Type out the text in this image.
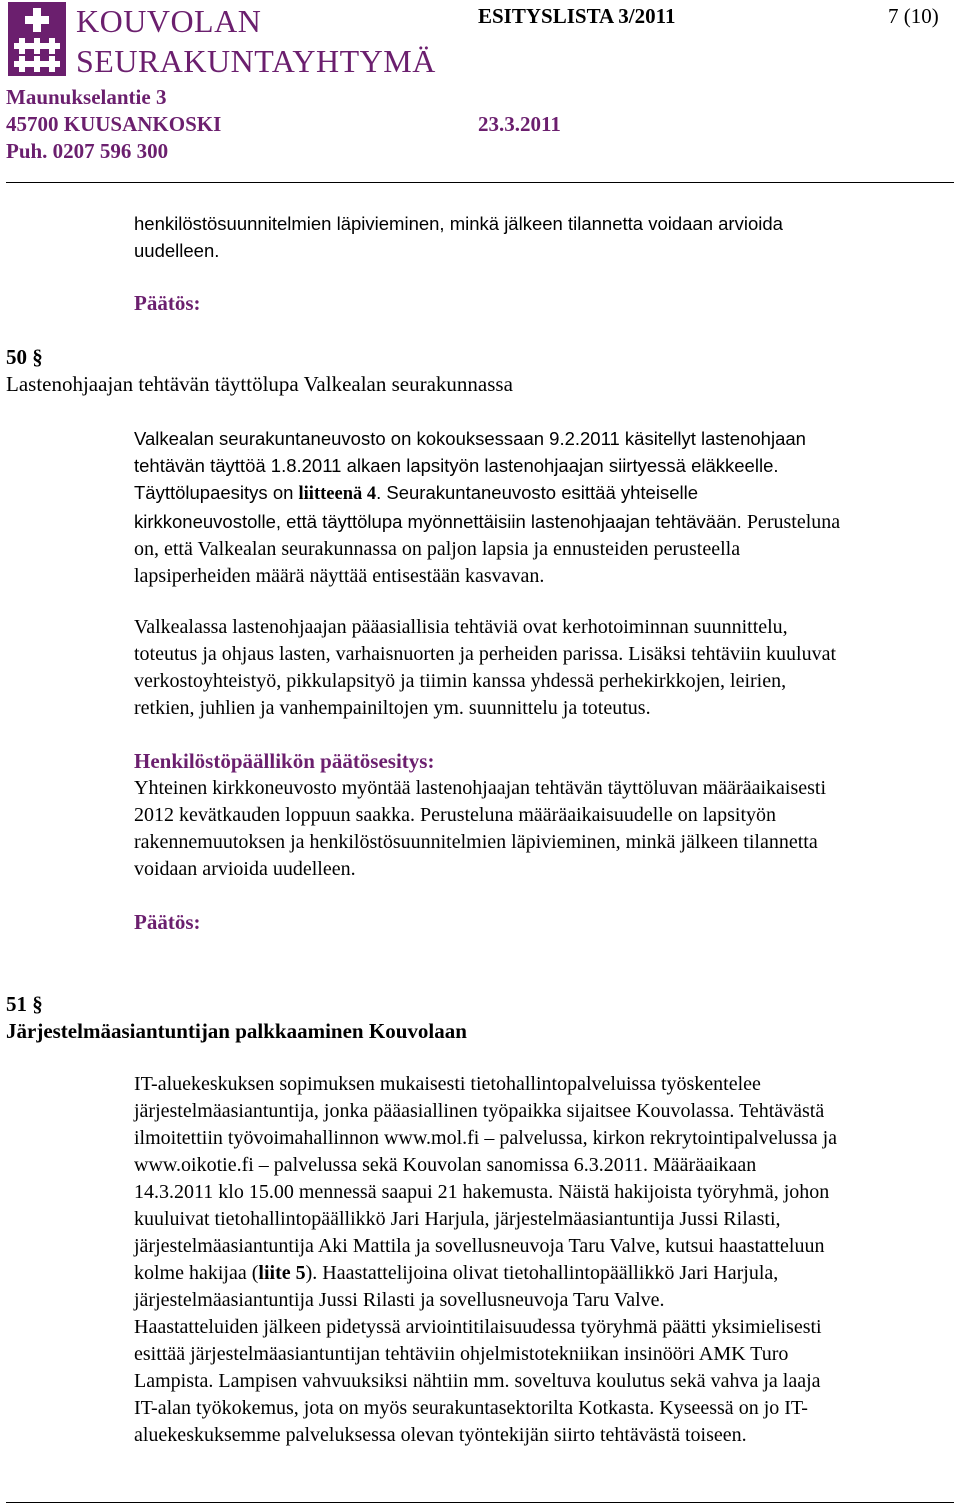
KOUVOLAN
SEURAKUNTAYHTYMÄ
ESITYSLISTA 3/2011	7 (10)
Maunukselantie 3
45700 KUUSANKOSKI	23.3.2011
Puh. 0207 596 300
henkilöstösuunnitelmien läpivieminen, minkä jälkeen tilannetta voidaan arvioida
uudelleen.
Päätös:
50 §
Lastenohjaajan tehtävän täyttölupa Valkealan seurakunnassa
Valkealan seurakuntaneuvosto on kokouksessaan 9.2.2011 käsitellyt lastenohjaan
tehtävän täyttöä 1.8.2011 alkaen lapsityön lastenohjaajan siirtyessä eläkkeelle.
Täyttölupaesitys on liitteenä 4. Seurakuntaneuvosto esittää yhteiselle
kirkkoneuvostolle, että täyttölupa myönnettäisiin lastenohjaajan tehtävään. Perusteluna
on, että Valkealan seurakunnassa on paljon lapsia ja ennusteiden perusteella
lapsiperheiden määrä näyttää entisestään kasvavan.
Valkealassa lastenohjaajan pääasiallisia tehtäviä ovat kerhotoiminnan suunnittelu,
toteutus ja ohjaus lasten, varhaisnuorten ja perheiden parissa. Lisäksi tehtäviin kuuluvat
verkostoyhteistyö, pikkulapsityö ja tiimin kanssa yhdessä perhekirkkojen, leirien,
retkien, juhlien ja vanhempainiltojen ym. suunnittelu ja toteutus.
Henkilöstöpäällikön päätösesitys:
Yhteinen kirkkoneuvosto myöntää lastenohjaajan tehtävän täyttöluvan määräaikaisesti
2012 kevätkauden loppuun saakka. Perusteluna määräaikaisuudelle on lapsityön
rakennemuutoksen ja henkilöstösuunnitelmien läpivieminen, minkä jälkeen tilannetta
voidaan arvioida uudelleen.
Päätös:
51 §
Järjestelmäasiantuntijan palkkaaminen Kouvolaan
IT-aluekeskuksen sopimuksen mukaisesti tietohallintopalveluissa työskentelee
järjestelmäasiantuntija, jonka pääasiallinen työpaikka sijaitsee Kouvolassa. Tehtävästä
ilmoitettiin työvoimahallinnon www.mol.fi – palvelussa, kirkon rekrytointipalvelussa ja
www.oikotie.fi – palvelussa sekä Kouvolan sanomissa 6.3.2011. Määräaikaan
14.3.2011 klo 15.00 mennessä saapui 21 hakemusta. Näistä hakijoista työryhmä, johon
kuuluivat tietohallintopäällikkö Jari Harjula, järjestelmäasiantuntija Jussi Rilasti,
järjestelmäasiantuntija Aki Mattila ja sovellusneuvoja Taru Valve, kutsui haastatteluun
kolme hakijaa (liite 5). Haastattelijoina olivat tietohallintopäällikkö Jari Harjula,
järjestelmäasiantuntija Jussi Rilasti ja sovellusneuvoja Taru Valve.
Haastatteluiden jälkeen pidetyssä arviointitilaisuudessa työryhmä päätti yksimielisesti
esittää järjestelmäasiantuntijan tehtäviin ohjelmistotekniikan insinööri AMK Turo
Lampista. Lampisen vahvuuksiksi nähtiin mm. soveltuva koulutus sekä vahva ja laaja
IT-alan työkokemus, jota on myös seurakuntasektorilta Kotkasta. Kyseessä on jo IT-
aluekeskuksemme palveluksessa olevan työntekijän siirto tehtävästä toiseen.
